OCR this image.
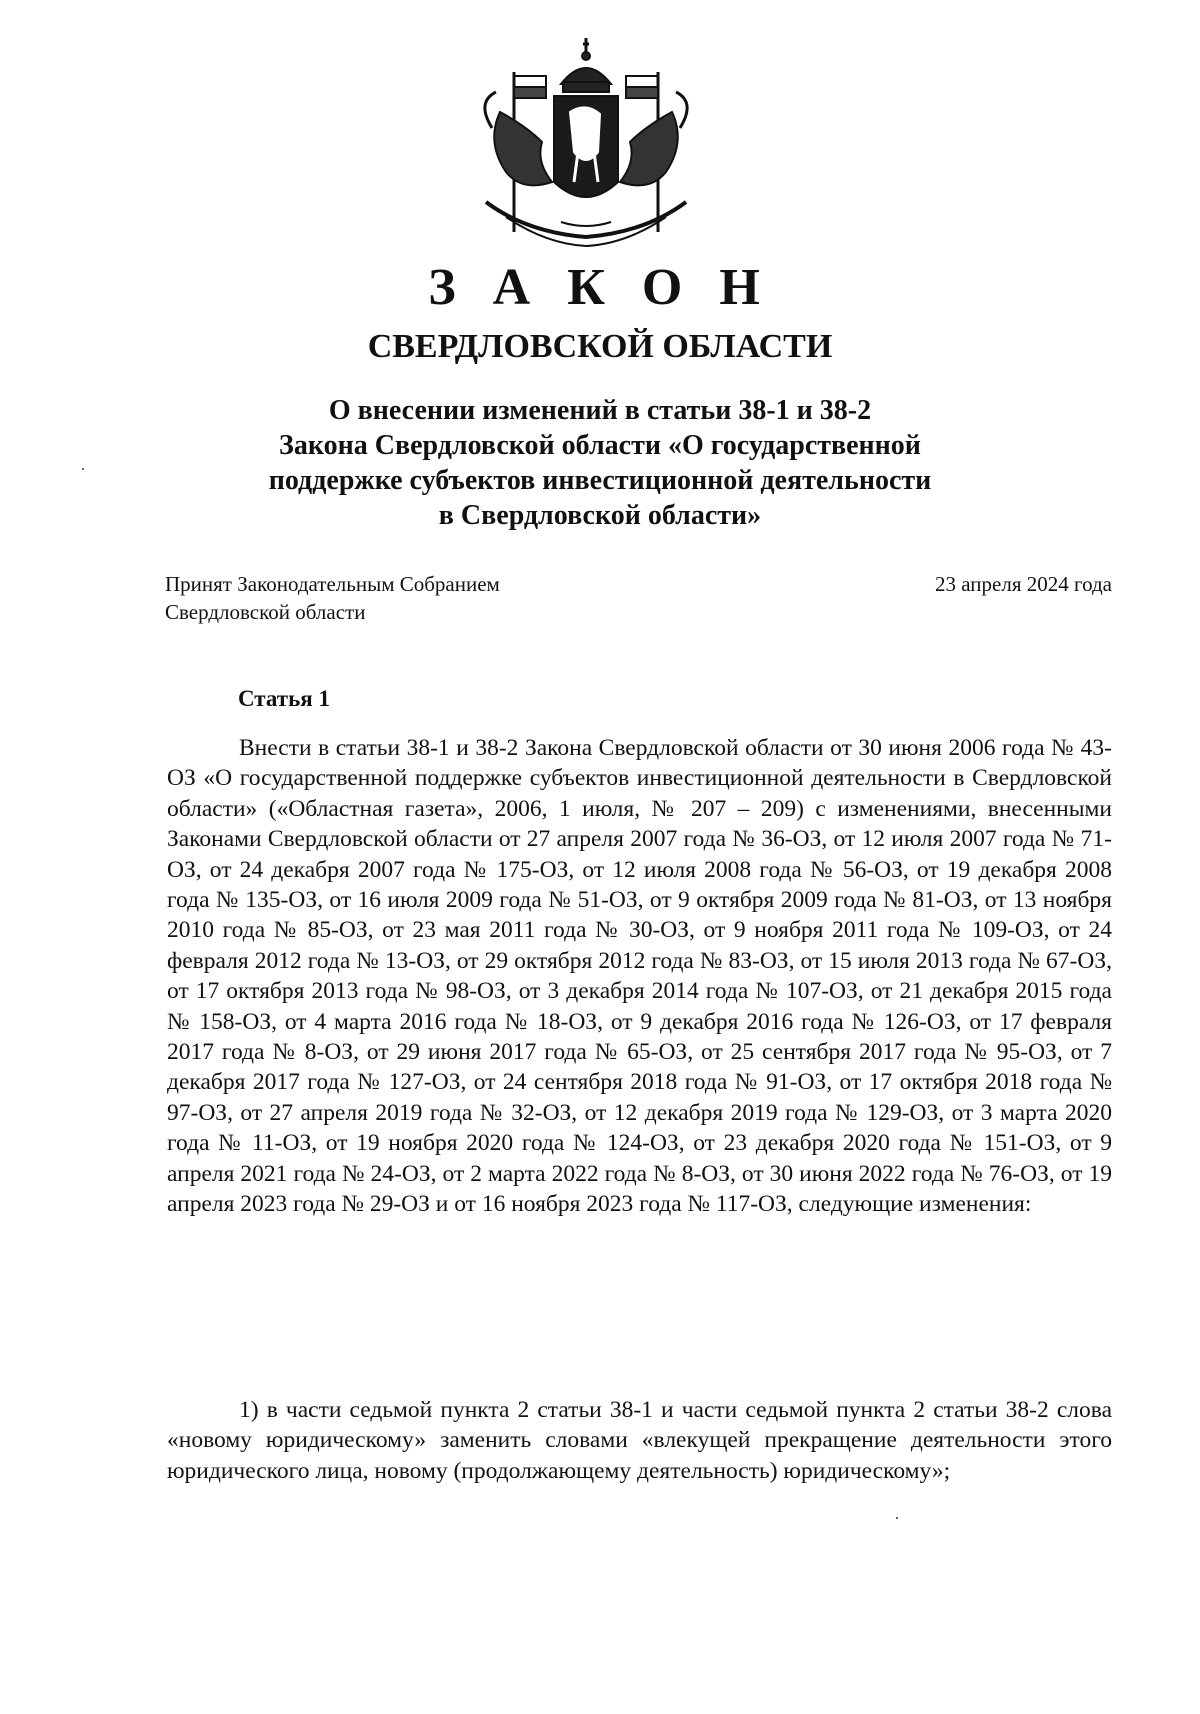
З А К О Н
СВЕРДЛОВСКОЙ ОБЛАСТИ
О внесении изменений в статьи 38-1 и 38-2
Закона Свердловской области «О государственной
поддержке субъектов инвестиционной деятельности
в Свердловской области»
Принят Законодательным Собранием
Свердловской области
23 апреля 2024 года
Статья 1

Внести в статьи 38-1 и 38-2 Закона Свердловской области от 30 июня 2006 года № 43-ОЗ «О государственной поддержке субъектов инвестиционной деятельности в Свердловской области» («Областная газета», 2006, 1 июля, № 207 – 209) с изменениями, внесенными Законами Свердловской области от 27 апреля 2007 года № 36-ОЗ, от 12 июля 2007 года № 71-ОЗ, от 24 декабря 2007 года № 175-ОЗ, от 12 июля 2008 года № 56-ОЗ, от 19 декабря 2008 года № 135-ОЗ, от 16 июля 2009 года № 51-ОЗ, от 9 октября 2009 года № 81-ОЗ, от 13 ноября 2010 года № 85-ОЗ, от 23 мая 2011 года № 30-ОЗ, от 9 ноября 2011 года № 109-ОЗ, от 24 февраля 2012 года № 13-ОЗ, от 29 октября 2012 года № 83-ОЗ, от 15 июля 2013 года № 67-ОЗ, от 17 октября 2013 года № 98-ОЗ, от 3 декабря 2014 года № 107-ОЗ, от 21 декабря 2015 года № 158-ОЗ, от 4 марта 2016 года № 18-ОЗ, от 9 декабря 2016 года № 126-ОЗ, от 17 февраля 2017 года № 8-ОЗ, от 29 июня 2017 года № 65-ОЗ, от 25 сентября 2017 года № 95-ОЗ, от 7 декабря 2017 года № 127-ОЗ, от 24 сентября 2018 года № 91-ОЗ, от 17 октября 2018 года № 97-ОЗ, от 27 апреля 2019 года № 32-ОЗ, от 12 декабря 2019 года № 129-ОЗ, от 3 марта 2020 года № 11-ОЗ, от 19 ноября 2020 года № 124-ОЗ, от 23 декабря 2020 года № 151-ОЗ, от 9 апреля 2021 года № 24-ОЗ, от 2 марта 2022 года № 8-ОЗ, от 30 июня 2022 года № 76-ОЗ, от 19 апреля 2023 года № 29-ОЗ и от 16 ноября 2023 года № 117-ОЗ, следующие изменения:

1) в части седьмой пункта 2 статьи 38-1 и части седьмой пункта 2 статьи 38-2 слова «новому юридическому» заменить словами «влекущей прекращение деятельности этого юридического лица, новому (продолжающему деятельность) юридическому»;
